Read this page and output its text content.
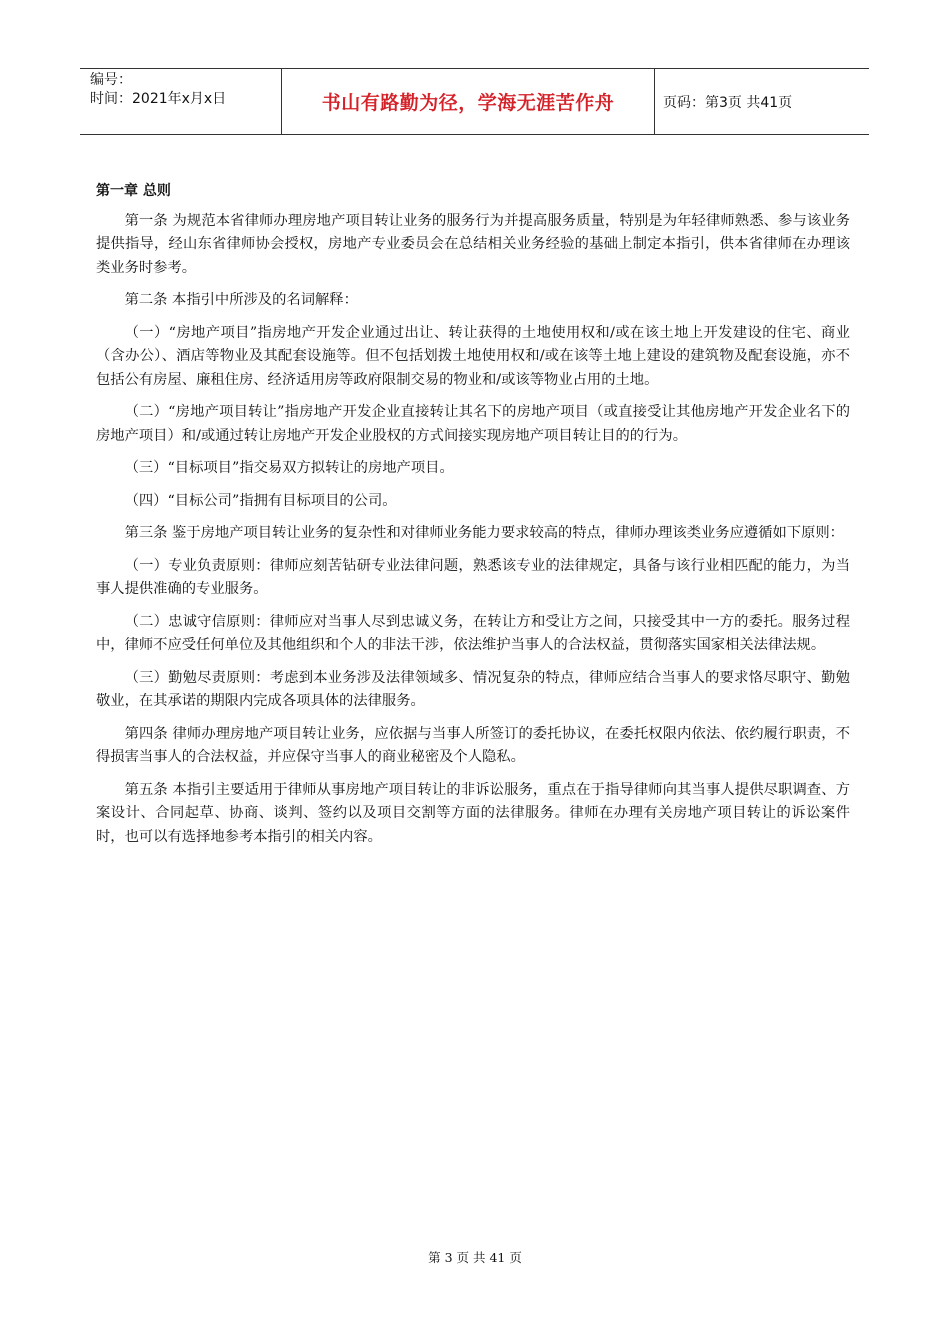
编号：
时间：2021年x月x日	书山有路勤为径，学海无涯苦作舟	页码：第3页 共41页
第一章 总则

第一条 为规范本省律师办理房地产项目转让业务的服务行为并提高服务质量，特别是为年轻律师熟悉、参与该业务提供指导，经山东省律师协会授权，房地产专业委员会在总结相关业务经验的基础上制定本指引，供本省律师在办理该类业务时参考。

第二条 本指引中所涉及的名词解释：

（一）“房地产项目”指房地产开发企业通过出让、转让获得的土地使用权和/或在该土地上开发建设的住宅、商业（含办公）、酒店等物业及其配套设施等。但不包括划拨土地使用权和/或在该等土地上建设的建筑物及配套设施，亦不包括公有房屋、廉租住房、经济适用房等政府限制交易的物业和/或该等物业占用的土地。

（二）“房地产项目转让”指房地产开发企业直接转让其名下的房地产项目（或直接受让其他房地产开发企业名下的房地产项目）和/或通过转让房地产开发企业股权的方式间接实现房地产项目转让目的的行为。

（三）“目标项目”指交易双方拟转让的房地产项目。

（四）“目标公司”指拥有目标项目的公司。

第三条 鉴于房地产项目转让业务的复杂性和对律师业务能力要求较高的特点，律师办理该类业务应遵循如下原则：

（一）专业负责原则：律师应刻苦钻研专业法律问题，熟悉该专业的法律规定，具备与该行业相匹配的能力，为当事人提供准确的专业服务。

（二）忠诚守信原则：律师应对当事人尽到忠诚义务，在转让方和受让方之间，只接受其中一方的委托。服务过程中，律师不应受任何单位及其他组织和个人的非法干涉，依法维护当事人的合法权益，贯彻落实国家相关法律法规。

（三）勤勉尽责原则：考虑到本业务涉及法律领域多、情况复杂的特点，律师应结合当事人的要求恪尽职守、勤勉敬业，在其承诺的期限内完成各项具体的法律服务。

第四条 律师办理房地产项目转让业务，应依据与当事人所签订的委托协议，在委托权限内依法、依约履行职责，不得损害当事人的合法权益，并应保守当事人的商业秘密及个人隐私。

第五条 本指引主要适用于律师从事房地产项目转让的非诉讼服务，重点在于指导律师向其当事人提供尽职调查、方案设计、合同起草、协商、谈判、签约以及项目交割等方面的法律服务。律师在办理有关房地产项目转让的诉讼案件时，也可以有选择地参考本指引的相关内容。

第 3 页 共 41 页
